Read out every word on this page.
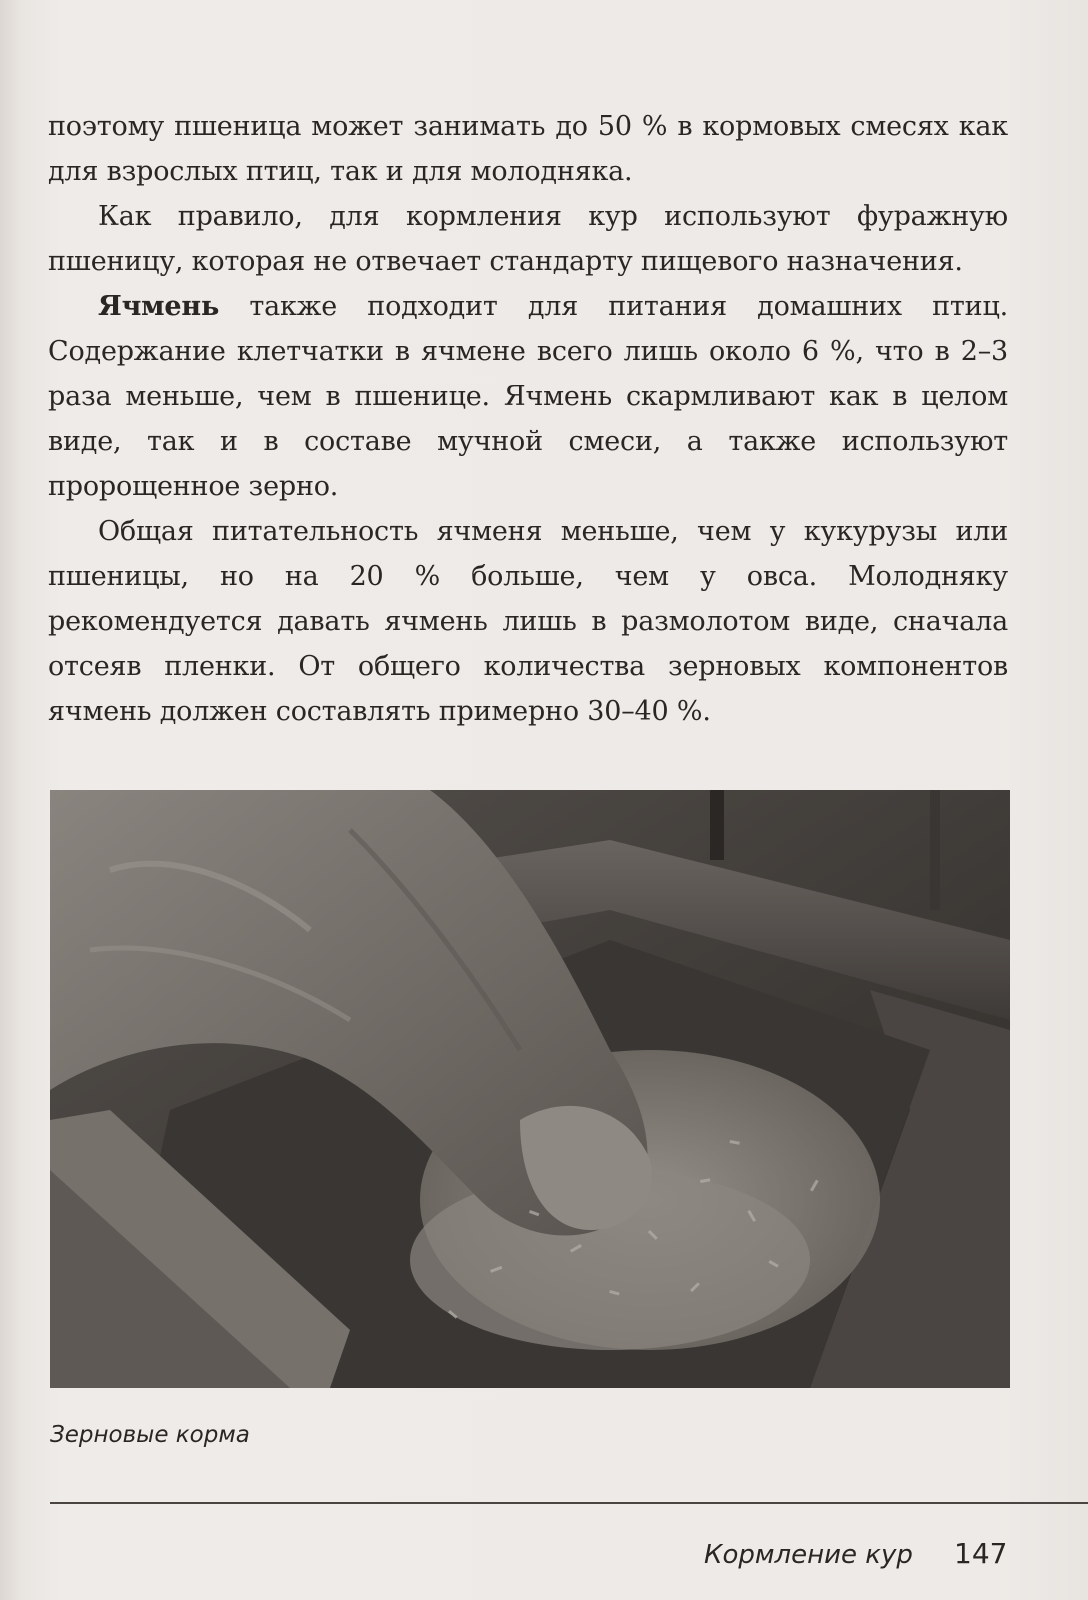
поэтому пшеница может занимать до 50 % в кормовых смесях как для взрослых птиц, так и для молодняка.

Как правило, для кормления кур используют фуражную пшеницу, которая не отвечает стандарту пищевого назначения.

Ячмень также подходит для питания домашних птиц. Содержание клетчатки в ячмене всего лишь около 6 %, что в 2–3 раза меньше, чем в пшенице. Ячмень скармливают как в целом виде, так и в составе мучной смеси, а также используют пророщенное зерно.

Общая питательность ячменя меньше, чем у кукурузы или пшеницы, но на 20 % больше, чем у овса. Молодняку рекомендуется давать ячмень лишь в размолотом виде, сначала отсеяв пленки. От общего количества зерновых компонентов ячмень должен составлять примерно 30–40 %.

Зерновые корма
Кормление кур 147
